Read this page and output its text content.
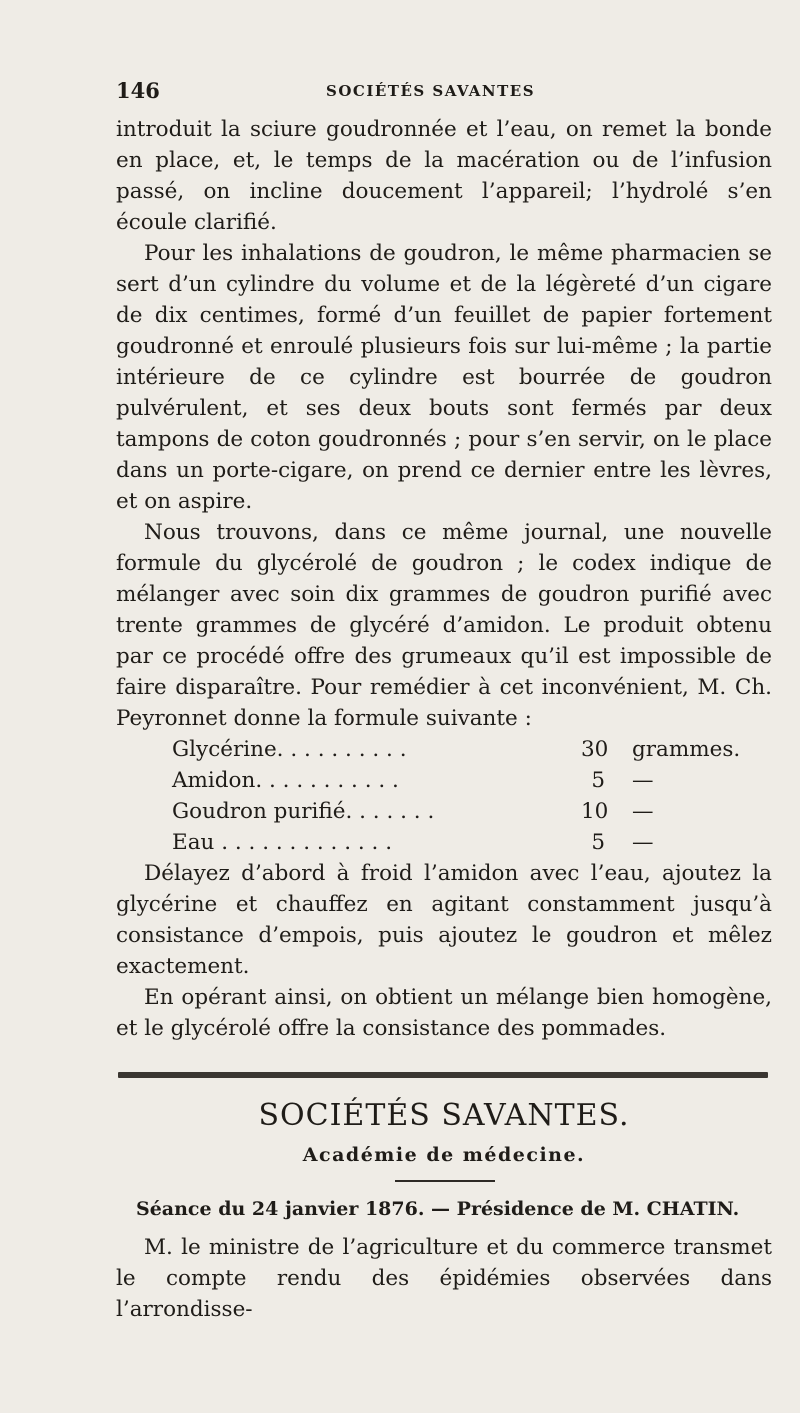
146	SOCIÉTÉS SAVANTES

introduit la sciure goudronnée et l’eau, on remet la bonde en place, et, le temps de la macération ou de l’infusion passé, on incline doucement l’appareil; l’hydrolé s’en écoule clarifié.

Pour les inhalations de goudron, le même pharmacien se sert d’un cylindre du volume et de la légèreté d’un cigare de dix centimes, formé d’un feuillet de papier fortement goudronné et enroulé plusieurs fois sur lui-même ; la partie intérieure de ce cylindre est bourrée de goudron pulvérulent, et ses deux bouts sont fermés par deux tampons de coton goudronnés ; pour s’en servir, on le place dans un porte-cigare, on prend ce dernier entre les lèvres, et on aspire.

Nous trouvons, dans ce même journal, une nouvelle formule du glycérolé de goudron ; le codex indique de mélanger avec soin dix grammes de goudron purifié avec trente grammes de glycéré d’amidon. Le produit obtenu par ce procédé offre des grumeaux qu’il est impossible de faire disparaître. Pour remédier à cet inconvénient, M. Ch. Peyronnet donne la formule suivante :

Glycérine. . . . . . . . . .	30 grammes.
Amidon. . . . . . . . . . .	5 —
Goudron purifié. . . . . . .	10 —
Eau . . . . . . . . . . . . .	5 —

Délayez d’abord à froid l’amidon avec l’eau, ajoutez la glycérine et chauffez en agitant constamment jusqu’à consistance d’empois, puis ajoutez le goudron et mêlez exactement.

En opérant ainsi, on obtient un mélange bien homogène, et le glycérolé offre la consistance des pommades.

SOCIÉTÉS SAVANTES.
Académie de médecine.
Séance du 24 janvier 1876. — Présidence de M. CHATIN.

M. le ministre de l’agriculture et du commerce transmet le compte rendu des épidémies observées dans l’arrondisse-
